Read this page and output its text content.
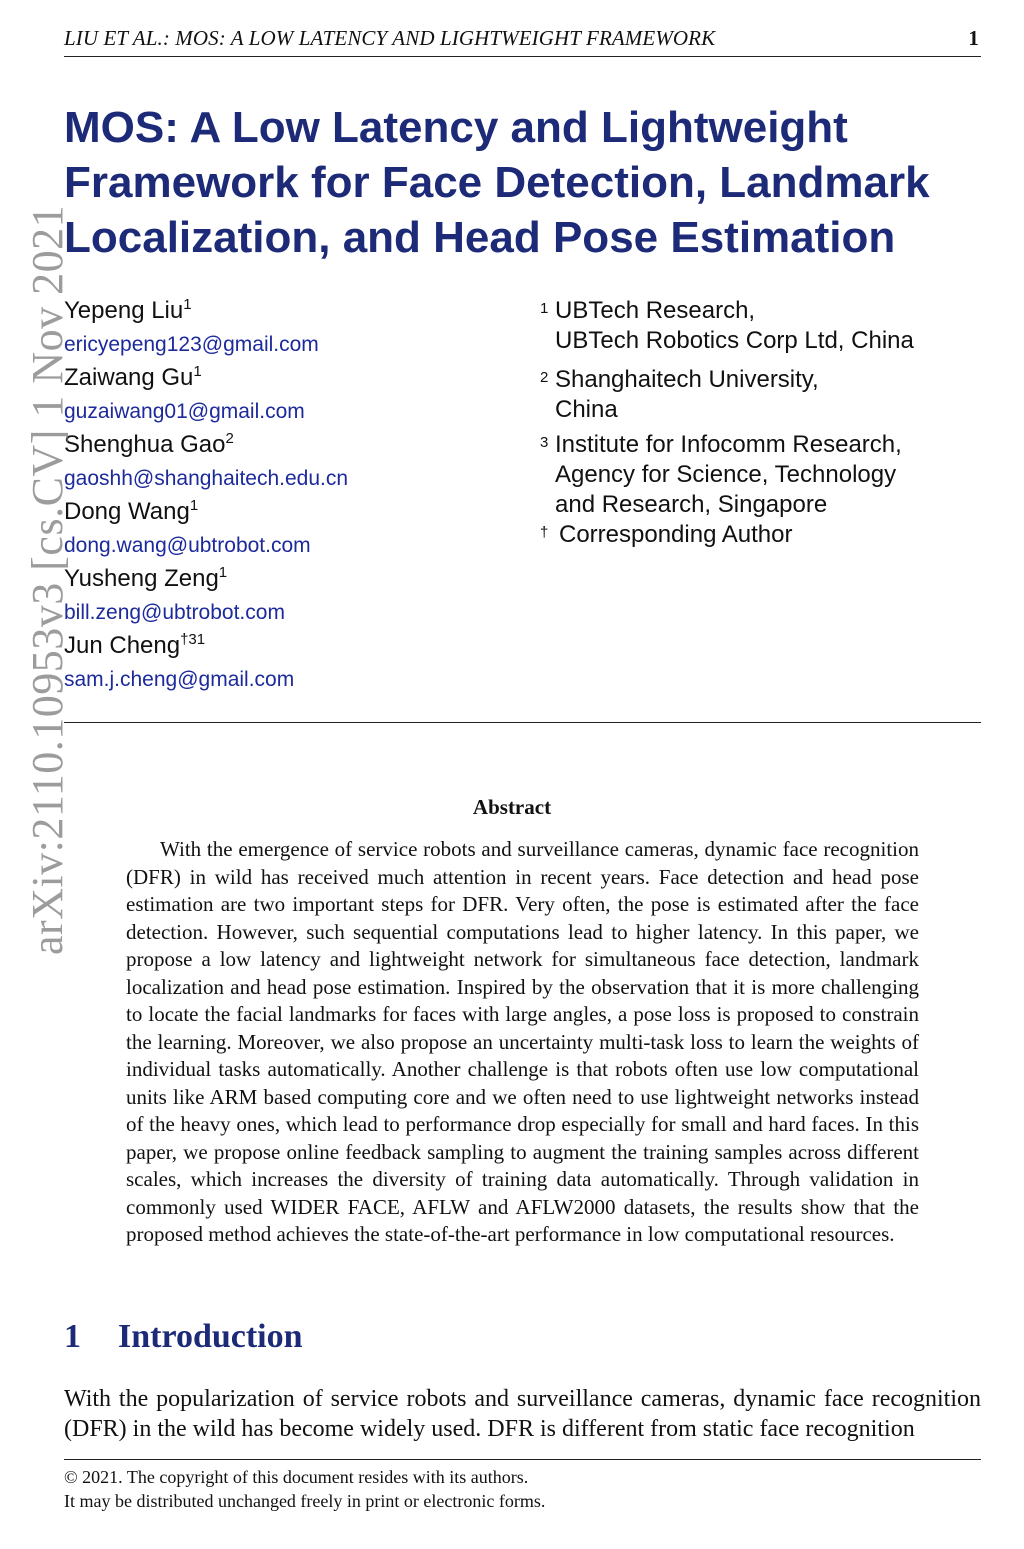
LIU ET AL.: MOS: A LOW LATENCY AND LIGHTWEIGHT FRAMEWORK	1
MOS: A Low Latency and Lightweight
Framework for Face Detection, Landmark
Localization, and Head Pose Estimation
Yepeng Liu$^1$
ericyepeng123@gmail.com
Zaiwang Gu$^1$
guzaiwang01@gmail.com
Shenghua Gao$^2$
gaoshh@shanghaitech.edu.cn
Dong Wang$^1$
dong.wang@ubtrobot.com
Yusheng Zeng$^1$
bill.zeng@ubtrobot.com
Jun Cheng$^{\dagger 31}$
sam.j.cheng@gmail.com
1 UBTech Research,
UBTech Robotics Corp Ltd, China
2 Shanghaitech University,
China
3 Institute for Infocomm Research,
Agency for Science, Technology
and Research, Singapore
† Corresponding Author
Abstract
With the emergence of service robots and surveillance cameras, dynamic face recognition (DFR) in wild has received much attention in recent years. Face detection and head pose estimation are two important steps for DFR. Very often, the pose is estimated after the face detection. However, such sequential computations lead to higher latency. In this paper, we propose a low latency and lightweight network for simultaneous face detection, landmark localization and head pose estimation. Inspired by the observation that it is more challenging to locate the facial landmarks for faces with large angles, a pose loss is proposed to constrain the learning. Moreover, we also propose an uncertainty multi-task loss to learn the weights of individual tasks automatically. Another challenge is that robots often use low computational units like ARM based computing core and we often need to use lightweight networks instead of the heavy ones, which lead to performance drop especially for small and hard faces. In this paper, we propose online feedback sampling to augment the training samples across different scales, which increases the diversity of training data automatically. Through validation in commonly used WIDER FACE, AFLW and AFLW2000 datasets, the results show that the proposed method achieves the state-of-the-art performance in low computational resources.
1 Introduction
With the popularization of service robots and surveillance cameras, dynamic face recognition (DFR) in the wild has become widely used. DFR is different from static face recognition
© 2021. The copyright of this document resides with its authors.
It may be distributed unchanged freely in print or electronic forms.
arXiv:2110.10953v3 [cs.CV] 1 Nov 2021
